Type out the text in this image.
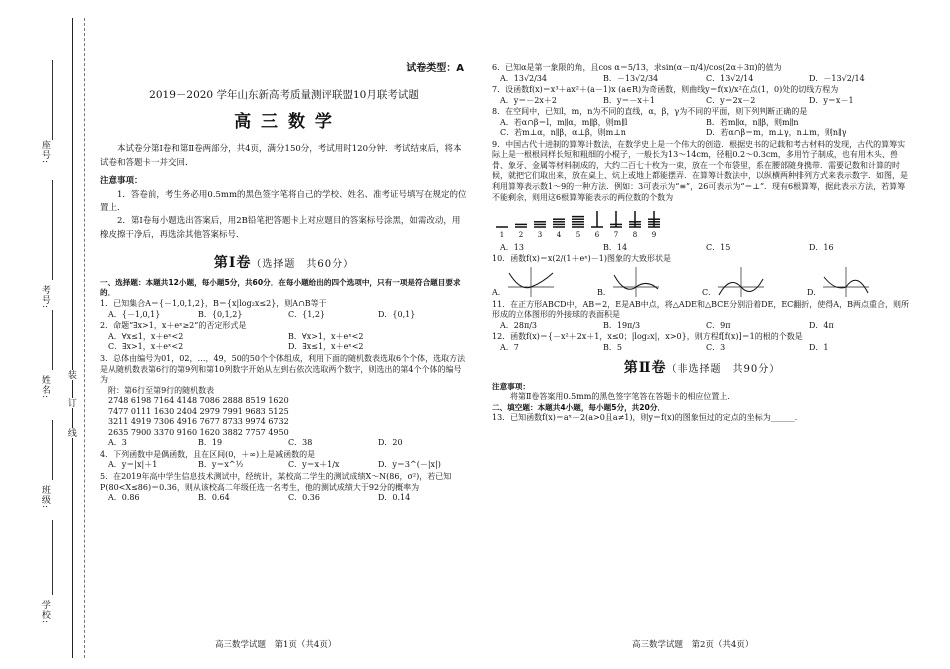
座号:
考号:
姓名:
班级:
学校:
装
订
线
试卷类型：A
2019－2020 学年山东新高考质量测评联盟10月联考试题
高 三 数 学
本试卷分第Ⅰ卷和第Ⅱ卷两部分，共4页，满分150分，考试用时120分钟．考试结束后，将本试卷和答题卡一并交回．
注意事项：
1．答卷前，考生务必用0.5mm的黑色签字笔将自己的学校、姓名、准考证号填写在规定的位置上．
2．第Ⅰ卷每小题选出答案后，用2B铅笔把答题卡上对应题目的答案标号涂黑，如需改动，用橡皮擦干净后，再选涂其他答案标号．
第Ⅰ卷（选择题　共60分）
一、选择题：本题共12小题，每小题5分，共60分．在每小题给出的四个选项中，只有一项是符合题目要求的．
1．已知集合A＝{－1,0,1,2}，B＝{x|log₂x≤2}，则A∩B等于
A．{－1,0,1}	B．{0,1,2}	C．{1,2}	D．{0,1}
2．命题“∃x>1，x＋eˣ≥2”的否定形式是
A．∀x≤1，x＋eˣ<2	B．∀x>1，x＋eˣ<2
C．∃x>1，x＋eˣ<2	D．∃x≤1，x＋eˣ<2
3．总体由编号为01，02，…，49，50的50个个体组成，利用下面的随机数表选取6个个体，选取方法是从随机数表第6行的第9列和第10列数字开始从左到右依次选取两个数字，则选出的第4个个体的编号为
附：第6行至第9行的随机数表
2748 6198 7164 4148 7086 2888 8519 1620
7477 0111 1630 2404 2979 7991 9683 5125
3211 4919 7306 4916 7677 8733 9974 6732
2635 7900 3370 9160 1620 3882 7757 4950
A．3	B．19	C．38	D．20
4．下列函数中是偶函数，且在区间(0，＋∞)上是减函数的是
A．y＝|x|＋1	B．y＝x^½	C．y＝x＋1/x	D．y＝3^(－|x|)
5．在2019年高中学生信息技术测试中，经统计，某校高二学生的测试成绩X～N(86，σ²)，若已知P(80<X≤86)＝0.36，则从该校高二年级任选一名考生，他的测试成绩大于92分的概率为
A．0.86	B．0.64	C．0.36	D．0.14
6．已知α是第一象限的角，且cos α＝5/13，求sin(α－π/4)/cos(2α＋3π)的值为
A．13√2/34	B．－13√2/34	C．13√2/14	D．－13√2/14
7．设函数f(x)＝x³＋ax²＋(a－1)x (a∈R)为奇函数，则曲线y＝f(x)/x²在点(1，0)处的切线方程为
A．y＝－2x＋2	B．y＝－x＋1	C．y＝2x－2	D．y＝x－1
8．在空间中，已知l，m，n为不同的直线，α，β，γ为不同的平面，则下列判断正确的是
A．若α∩β＝l，m∥α，m∥β，则m∥l	B．若m∥α，n∥β，则m∥n
C．若m⊥α，n∥β，α⊥β，则m⊥n	D．若α∩β＝m，m⊥γ，n⊥m，则n∥γ
9．中国古代十进制的算筹计数法，在数学史上是一个伟大的创造．根据史书的记载和考古材料的发现，古代的算筹实际上是一根根同样长短和粗细的小棍子，一般长为13～14cm，径粗0.2～0.3cm，多用竹子制成，也有用木头、兽骨、象牙、金属等材料制成的，大约二百七十枚为一束，放在一个布袋里，系在腰部随身携带．需要记数和计算的时候，就把它们取出来，放在桌上、炕上或地上都能摆弄．在算筹计数法中，以纵横两种排列方式来表示数字．如图，是利用算筹表示数1～9的一种方法．例如：3可表示为“≡”，26可表示为“＝⊥”．现有6根算筹，据此表示方法，若算筹不能剩余，则用这6根算筹能表示的两位数的个数为
1 2 3 4 5 6 7 8 9
A．13	B．14	C．15	D．16
10．函数f(x)＝x(2/(1＋eˣ)－1)图象的大致形状是
A．	B．	C．	D．
11．在正方形ABCD中，AB＝2，E是AB中点，将△ADE和△BCE分别沿着DE，EC翻折，使得A，B两点重合，则所形成的立体图形的外接球的表面积是
A．28π/3	B．19π/3	C．9π	D．4π
12．函数f(x)＝{－x²＋2x＋1，x≤0；|log₂x|，x>0}，则方程f[f(x)]＝1的根的个数是
A．7	B．5	C．3	D．1
第Ⅱ卷（非选择题　共90分）
注意事项：
将第Ⅱ卷答案用0.5mm的黑色签字笔答在答题卡的相应位置上．
二、填空题：本题共4小题，每小题5分，共20分．
13．已知函数f(x)＝aˣ－2(a>0且a≠1)，则y＝f(x)的图象恒过的定点的坐标为______．
高三数学试题　第1页（共4页）	高三数学试题　第2页（共4页）
